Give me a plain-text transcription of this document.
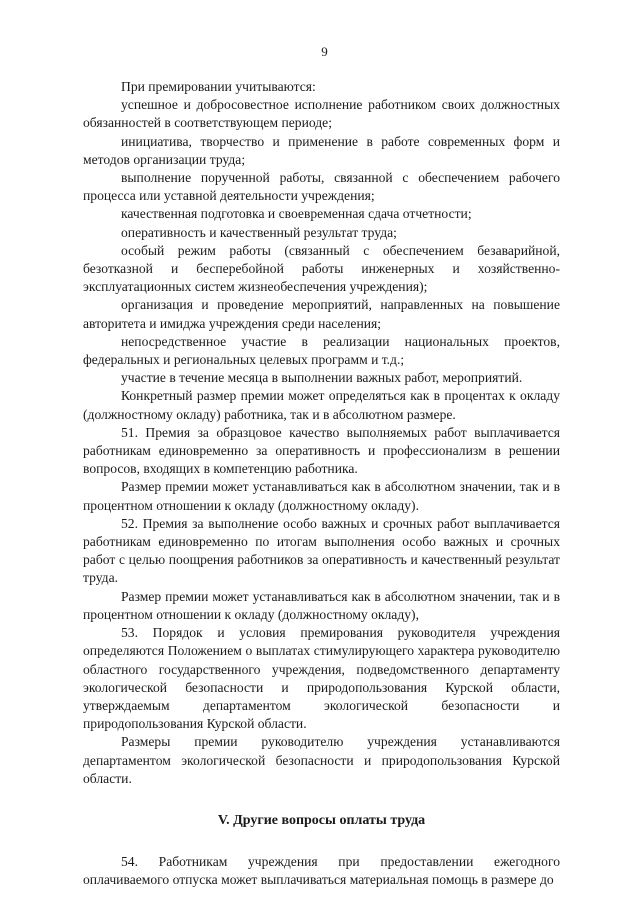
9

При премировании учитываются:

успешное и добросовестное исполнение работником своих должностных обязанностей в соответствующем периоде;

инициатива, творчество и применение в работе современных форм и методов организации труда;

выполнение порученной работы, связанной с обеспечением рабочего процесса или уставной деятельности учреждения;

качественная подготовка и своевременная сдача отчетности;

оперативность и качественный результат труда;

особый режим работы (связанный с обеспечением безаварийной, безотказной и бесперебойной работы инженерных и хозяйственно-эксплуатационных систем жизнеобеспечения учреждения);

организация и проведение мероприятий, направленных на повышение авторитета и имиджа учреждения среди населения;

непосредственное участие в реализации национальных проектов, федеральных и региональных целевых программ и т.д.;

участие в течение месяца в выполнении важных работ, мероприятий.

Конкретный размер премии может определяться как в процентах к окладу (должностному окладу) работника, так и в абсолютном размере.

51. Премия за образцовое качество выполняемых работ выплачивается работникам единовременно за оперативность и профессионализм в решении вопросов, входящих в компетенцию работника.

Размер премии может устанавливаться как в абсолютном значении, так и в процентном отношении к окладу (должностному окладу).

52. Премия за выполнение особо важных и срочных работ выплачивается работникам единовременно по итогам выполнения особо важных и срочных работ с целью поощрения работников за оперативность и качественный результат труда.

Размер премии может устанавливаться как в абсолютном значении, так и в процентном отношении к окладу (должностному окладу),

53. Порядок и условия премирования руководителя учреждения определяются Положением о выплатах стимулирующего характера руководителю областного государственного учреждения, подведомственного департаменту экологической безопасности и природопользования Курской области, утверждаемым департаментом экологической безопасности и природопользования Курской области.

Размеры премии руководителю учреждения устанавливаются департаментом экологической безопасности и природопользования Курской области.

V. Другие вопросы оплаты труда

54. Работникам учреждения при предоставлении ежегодного оплачиваемого отпуска может выплачиваться материальная помощь в размере до
